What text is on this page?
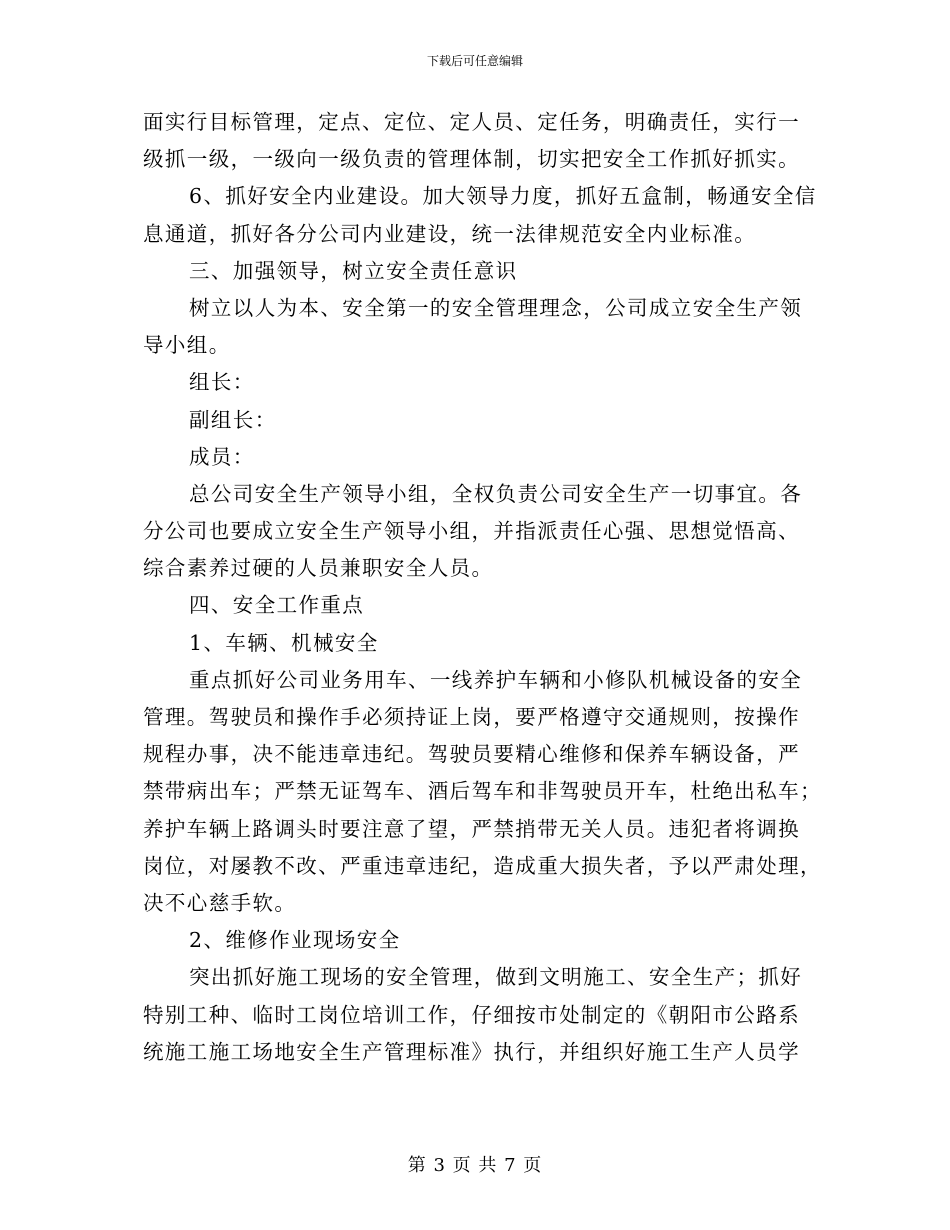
下载后可任意编辑
面实行目标管理，定点、定位、定人员、定任务，明确责任，实行一
级抓一级，一级向一级负责的管理体制，切实把安全工作抓好抓实。
6、抓好安全内业建设。加大领导力度，抓好五盒制，畅通安全信
息通道，抓好各分公司内业建设，统一法律规范安全内业标准。
三、加强领导，树立安全责任意识
树立以人为本、安全第一的安全管理理念，公司成立安全生产领
导小组。
组长：
副组长：
成员：
总公司安全生产领导小组，全权负责公司安全生产一切事宜。各
分公司也要成立安全生产领导小组，并指派责任心强、思想觉悟高、
综合素养过硬的人员兼职安全人员。
四、安全工作重点
1、车辆、机械安全
重点抓好公司业务用车、一线养护车辆和小修队机械设备的安全
管理。驾驶员和操作手必须持证上岗，要严格遵守交通规则，按操作
规程办事，决不能违章违纪。驾驶员要精心维修和保养车辆设备，严
禁带病出车；严禁无证驾车、酒后驾车和非驾驶员开车，杜绝出私车；
养护车辆上路调头时要注意了望，严禁捎带无关人员。违犯者将调换
岗位，对屡教不改、严重违章违纪，造成重大损失者，予以严肃处理，
决不心慈手软。
2、维修作业现场安全
突出抓好施工现场的安全管理，做到文明施工、安全生产；抓好
特别工种、临时工岗位培训工作，仔细按市处制定的《朝阳市公路系
统施工施工场地安全生产管理标准》执行，并组织好施工生产人员学
第 3 页 共 7 页
